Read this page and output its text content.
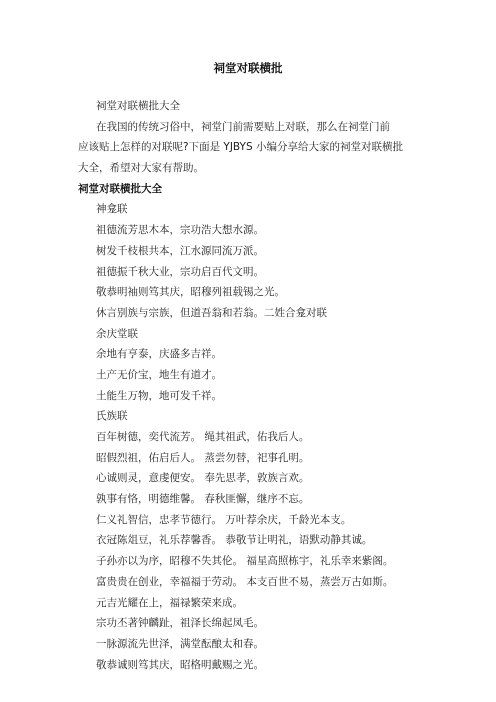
祠堂对联横批
祠堂对联横批大全
在我国的传统习俗中，祠堂门前需要贴上对联，那么在祠堂门前
应该贴上怎样的对联呢?下面是 YJBYS 小编分享给大家的祠堂对联横批
大全，希望对大家有帮助。
祠堂对联横批大全
神龛联
祖德流芳思木本，宗功浩大想水源。
树发千枝根共本，江水源同流万派。
祖德振千秋大业，宗功启百代文明。
敬恭明袖则笃其庆，昭穆列祖载锡之光。
休言别族与宗族，但道吾翁和若翁。二姓合龛对联
余庆堂联
余地有亨泰，庆盛多吉祥。
土产无价宝，地生有道才。
土能生万物，地可发千祥。
氏族联
百年树德，奕代流芳。 绳其祖武，佑我后人。
昭假烈祖，佑启后人。 蒸尝勿替，祀事孔明。
心诚则灵，意虔便安。 奉先思孝，敦族言欢。
孰事有恪，明德维馨。 春秋匪懈，继序不忘。
仁义礼智信，忠孝节德行。 万叶荐余庆，千龄光本支。
衣冠陈俎豆，礼乐荐馨香。 恭敬节让明礼，语默动静其诚。
子孙亦以为序，昭穆不失其伦。 福星高照栋宇，礼乐幸来紫阁。
富贵贵在创业，幸福福于劳动。 本支百世不易，蒸尝万古如斯。
元吉光耀在上，福禄繁荣来成。
宗功丕著钟麟趾，祖泽长绵起凤毛。
一脉源流先世泽，满堂酝酿太和春。
敬恭诚则笃其庆，昭格明戴赐之光。
